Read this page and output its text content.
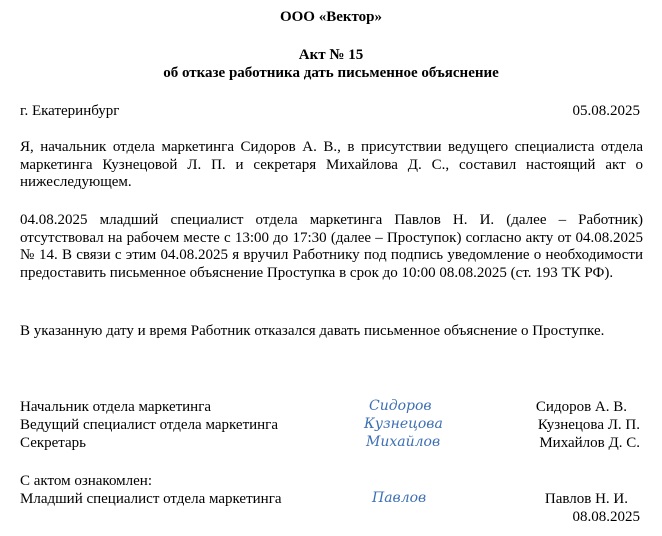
ООО «Вектор»
Акт № 15
об отказе работника дать письменное объяснение
г. Екатеринбург	05.08.2025
Я, начальник отдела маркетинга Сидоров А. В., в присутствии ведущего специалиста отдела маркетинга Кузнецовой Л. П. и секретаря Михайлова Д. С., составил настоящий акт о нижеследующем.
04.08.2025 младший специалист отдела маркетинга Павлов Н. И. (далее – Работник) отсутствовал на рабочем месте с 13:00 до 17:30 (далее – Проступок) согласно акту от 04.08.2025 № 14. В связи с этим 04.08.2025 я вручил Работнику под подпись уведомление о необходимости предоставить письменное объяснение Проступка в срок до 10:00 08.08.2025 (ст. 193 ТК РФ).
В указанную дату и время Работник отказался давать письменное объяснение о Проступке.
Начальник отдела маркетинга	Сидоров	Сидоров А. В.
Ведущий специалист отдела маркетинга	Кузнецова	Кузнецова Л. П.
Секретарь	Михайлов	Михайлов Д. С.
С актом ознакомлен:
Младший специалист отдела маркетинга	Павлов	Павлов Н. И.
08.08.2025
